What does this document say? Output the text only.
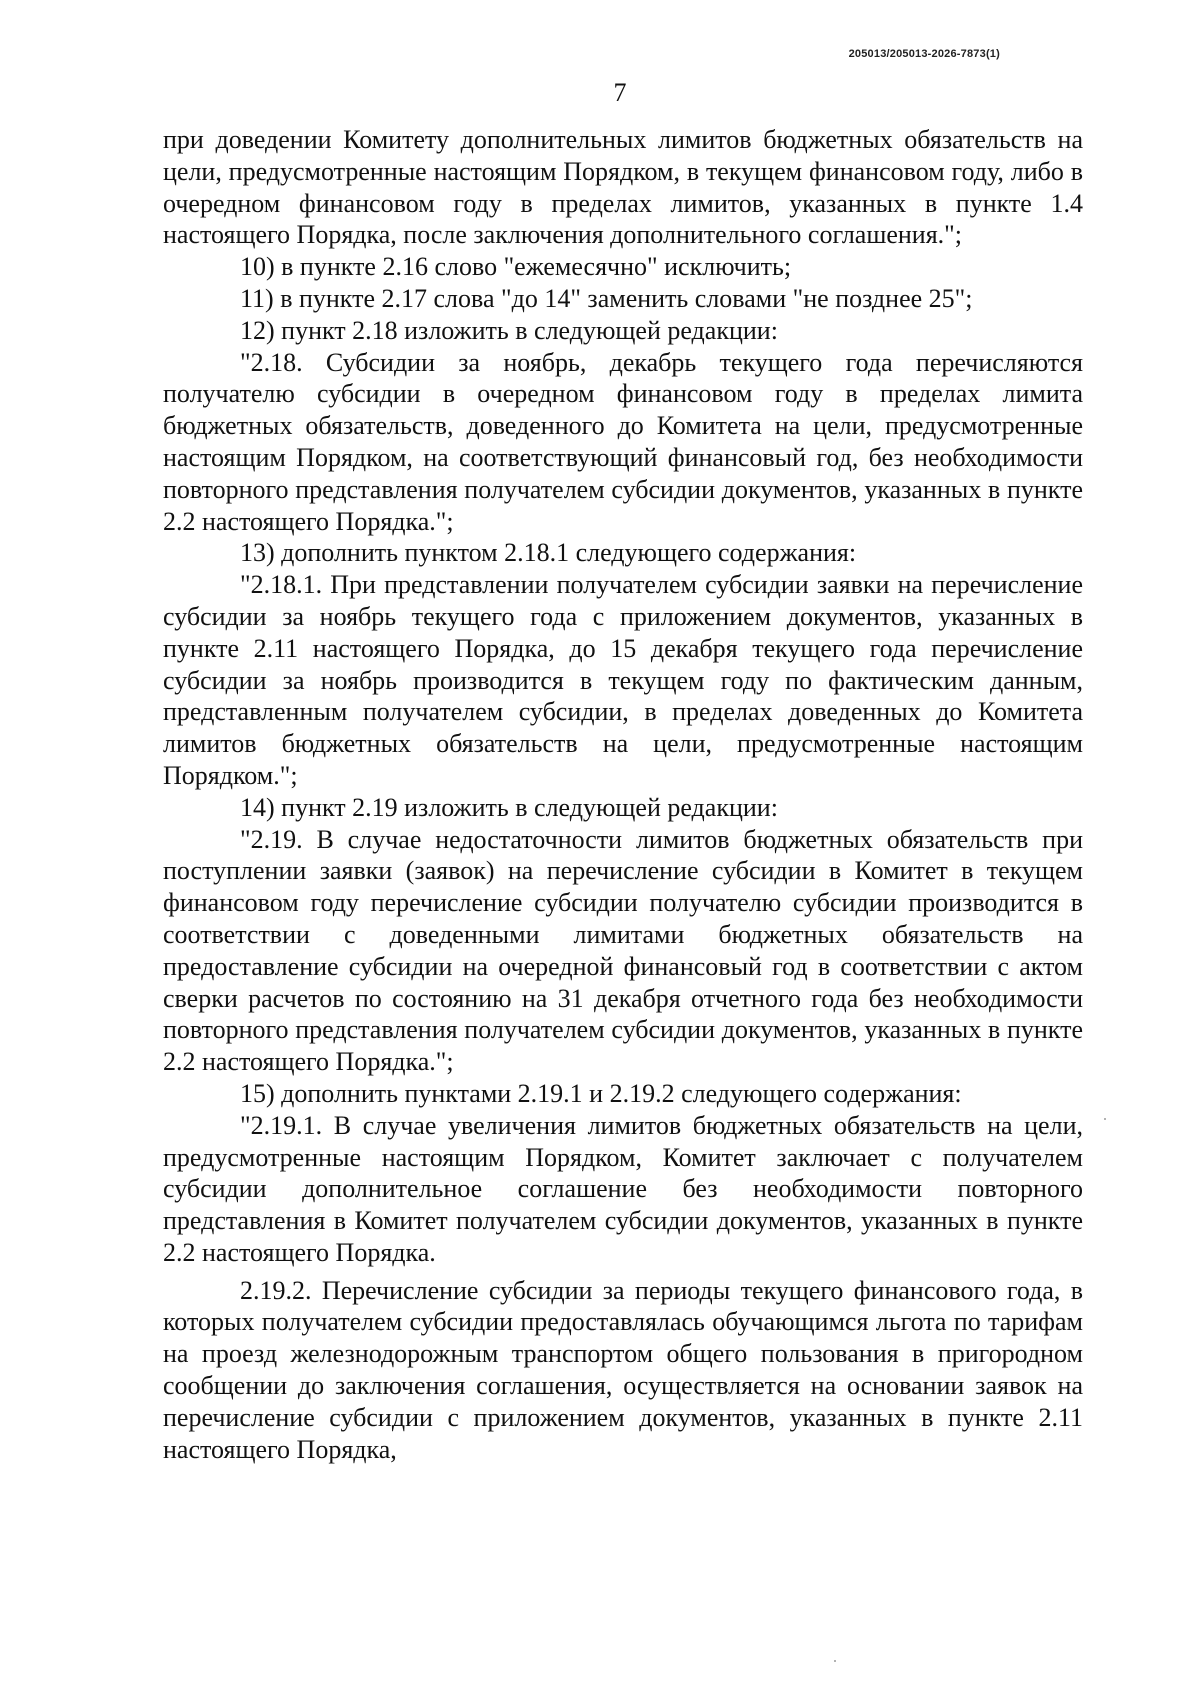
205013/205013-2026-7873(1)
7

при доведении Комитету дополнительных лимитов бюджетных обязательств на цели, предусмотренные настоящим Порядком, в текущем финансовом году, либо в очередном финансовом году в пределах лимитов, указанных в пункте 1.4 настоящего Порядка, после заключения дополнительного соглашения.";

10) в пункте 2.16 слово "ежемесячно" исключить;

11) в пункте 2.17 слова "до 14" заменить словами "не позднее 25";

12) пункт 2.18 изложить в следующей редакции:

"2.18. Субсидии за ноябрь, декабрь текущего года перечисляются получателю субсидии в очередном финансовом году в пределах лимита бюджетных обязательств, доведенного до Комитета на цели, предусмотренные настоящим Порядком, на соответствующий финансовый год, без необходимости повторного представления получателем субсидии документов, указанных в пункте 2.2 настоящего Порядка.";

13) дополнить пунктом 2.18.1 следующего содержания:

"2.18.1. При представлении получателем субсидии заявки на перечисление субсидии за ноябрь текущего года с приложением документов, указанных в пункте 2.11 настоящего Порядка, до 15 декабря текущего года перечисление субсидии за ноябрь производится в текущем году по фактическим данным, представленным получателем субсидии, в пределах доведенных до Комитета лимитов бюджетных обязательств на цели, предусмотренные настоящим Порядком.";

14) пункт 2.19 изложить в следующей редакции:

"2.19. В случае недостаточности лимитов бюджетных обязательств при поступлении заявки (заявок) на перечисление субсидии в Комитет в текущем финансовом году перечисление субсидии получателю субсидии производится в соответствии с доведенными лимитами бюджетных обязательств на предоставление субсидии на очередной финансовый год в соответствии с актом сверки расчетов по состоянию на 31 декабря отчетного года без необходимости повторного представления получателем субсидии документов, указанных в пункте 2.2 настоящего Порядка.";

15) дополнить пунктами 2.19.1 и 2.19.2 следующего содержания:

"2.19.1. В случае увеличения лимитов бюджетных обязательств на цели, предусмотренные настоящим Порядком, Комитет заключает с получателем субсидии дополнительное соглашение без необходимости повторного представления в Комитет получателем субсидии документов, указанных в пункте 2.2 настоящего Порядка.

2.19.2. Перечисление субсидии за периоды текущего финансового года, в которых получателем субсидии предоставлялась обучающимся льгота по тарифам на проезд железнодорожным транспортом общего пользования в пригородном сообщении до заключения соглашения, осуществляется на основании заявок на перечисление субсидии с приложением документов, указанных в пункте 2.11 настоящего Порядка,
